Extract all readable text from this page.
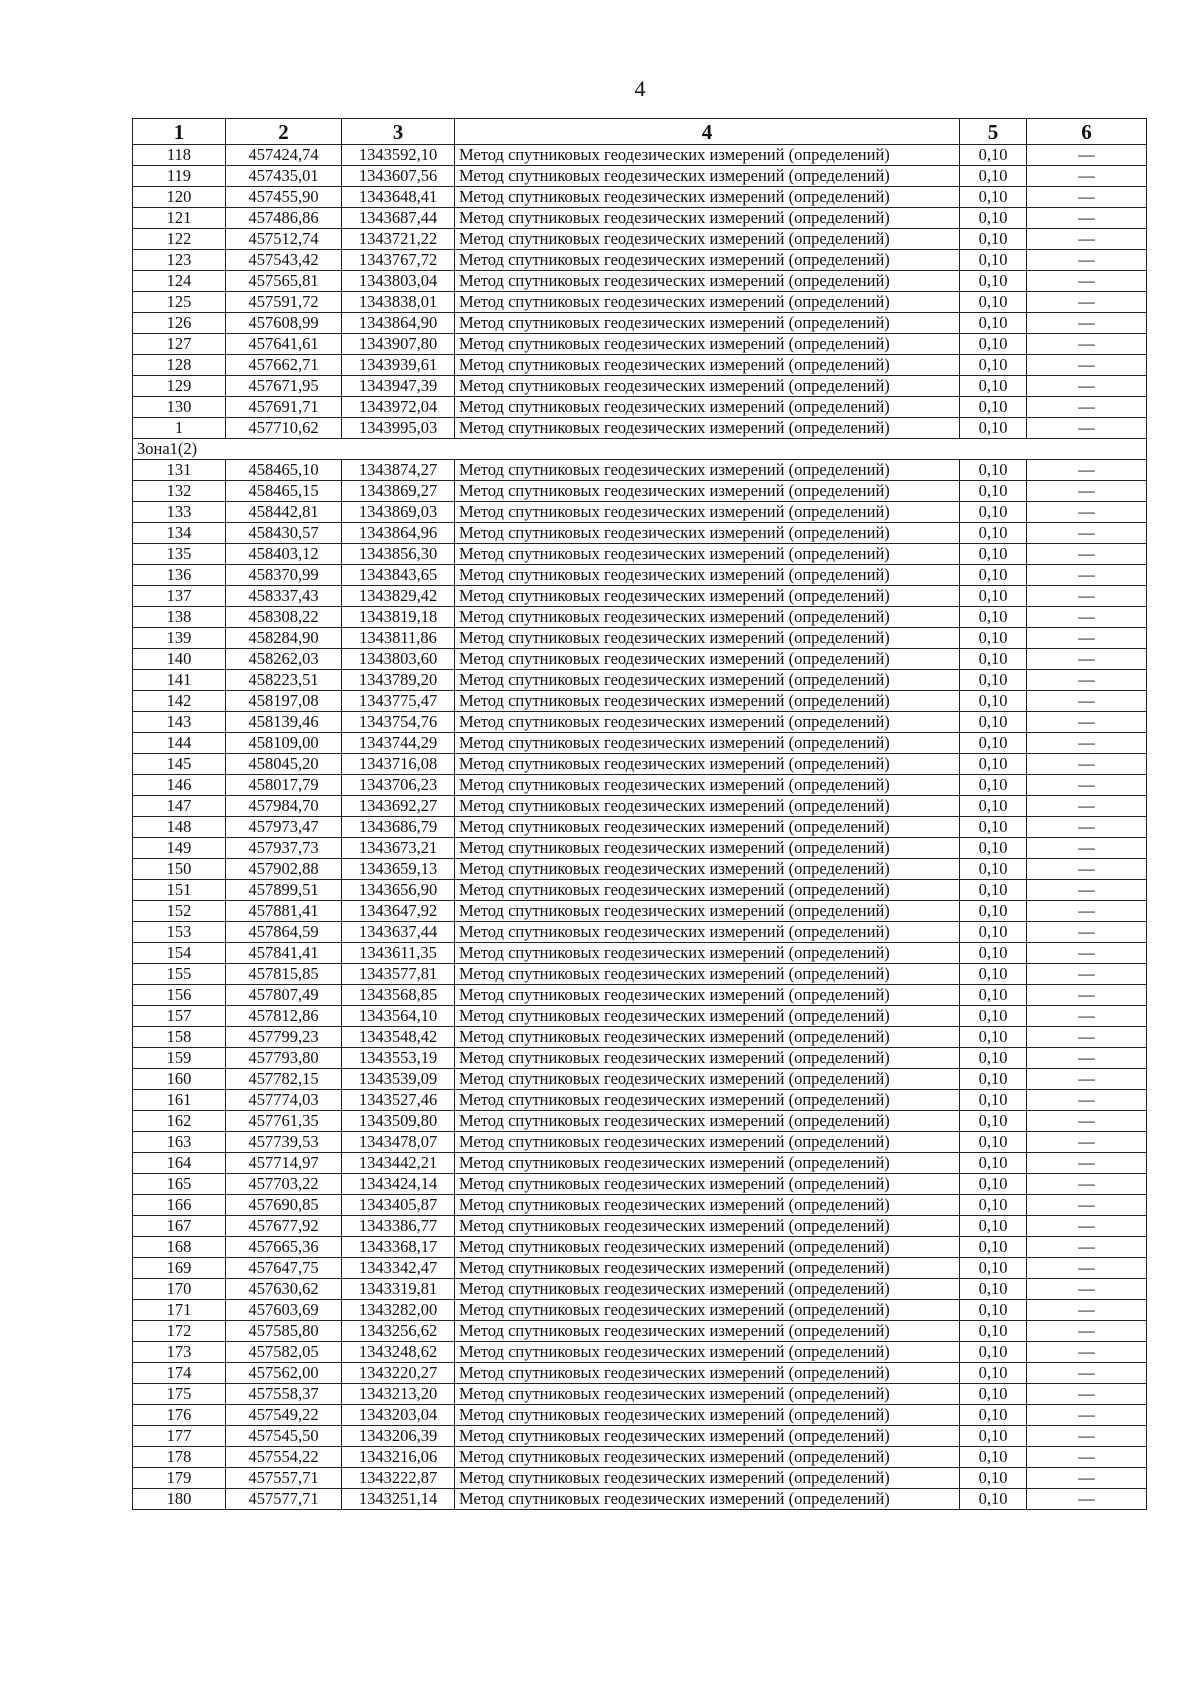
4
1	2	3	4	5	6
118	457424,74	1343592,10	Метод спутниковых геодезических измерений (определений)	0,10	—
119	457435,01	1343607,56	Метод спутниковых геодезических измерений (определений)	0,10	—
120	457455,90	1343648,41	Метод спутниковых геодезических измерений (определений)	0,10	—
121	457486,86	1343687,44	Метод спутниковых геодезических измерений (определений)	0,10	—
122	457512,74	1343721,22	Метод спутниковых геодезических измерений (определений)	0,10	—
123	457543,42	1343767,72	Метод спутниковых геодезических измерений (определений)	0,10	—
124	457565,81	1343803,04	Метод спутниковых геодезических измерений (определений)	0,10	—
125	457591,72	1343838,01	Метод спутниковых геодезических измерений (определений)	0,10	—
126	457608,99	1343864,90	Метод спутниковых геодезических измерений (определений)	0,10	—
127	457641,61	1343907,80	Метод спутниковых геодезических измерений (определений)	0,10	—
128	457662,71	1343939,61	Метод спутниковых геодезических измерений (определений)	0,10	—
129	457671,95	1343947,39	Метод спутниковых геодезических измерений (определений)	0,10	—
130	457691,71	1343972,04	Метод спутниковых геодезических измерений (определений)	0,10	—
1	457710,62	1343995,03	Метод спутниковых геодезических измерений (определений)	0,10	—
Зона1(2)					
131	458465,10	1343874,27	Метод спутниковых геодезических измерений (определений)	0,10	—
132	458465,15	1343869,27	Метод спутниковых геодезических измерений (определений)	0,10	—
133	458442,81	1343869,03	Метод спутниковых геодезических измерений (определений)	0,10	—
134	458430,57	1343864,96	Метод спутниковых геодезических измерений (определений)	0,10	—
135	458403,12	1343856,30	Метод спутниковых геодезических измерений (определений)	0,10	—
136	458370,99	1343843,65	Метод спутниковых геодезических измерений (определений)	0,10	—
137	458337,43	1343829,42	Метод спутниковых геодезических измерений (определений)	0,10	—
138	458308,22	1343819,18	Метод спутниковых геодезических измерений (определений)	0,10	—
139	458284,90	1343811,86	Метод спутниковых геодезических измерений (определений)	0,10	—
140	458262,03	1343803,60	Метод спутниковых геодезических измерений (определений)	0,10	—
141	458223,51	1343789,20	Метод спутниковых геодезических измерений (определений)	0,10	—
142	458197,08	1343775,47	Метод спутниковых геодезических измерений (определений)	0,10	—
143	458139,46	1343754,76	Метод спутниковых геодезических измерений (определений)	0,10	—
144	458109,00	1343744,29	Метод спутниковых геодезических измерений (определений)	0,10	—
145	458045,20	1343716,08	Метод спутниковых геодезических измерений (определений)	0,10	—
146	458017,79	1343706,23	Метод спутниковых геодезических измерений (определений)	0,10	—
147	457984,70	1343692,27	Метод спутниковых геодезических измерений (определений)	0,10	—
148	457973,47	1343686,79	Метод спутниковых геодезических измерений (определений)	0,10	—
149	457937,73	1343673,21	Метод спутниковых геодезических измерений (определений)	0,10	—
150	457902,88	1343659,13	Метод спутниковых геодезических измерений (определений)	0,10	—
151	457899,51	1343656,90	Метод спутниковых геодезических измерений (определений)	0,10	—
152	457881,41	1343647,92	Метод спутниковых геодезических измерений (определений)	0,10	—
153	457864,59	1343637,44	Метод спутниковых геодезических измерений (определений)	0,10	—
154	457841,41	1343611,35	Метод спутниковых геодезических измерений (определений)	0,10	—
155	457815,85	1343577,81	Метод спутниковых геодезических измерений (определений)	0,10	—
156	457807,49	1343568,85	Метод спутниковых геодезических измерений (определений)	0,10	—
157	457812,86	1343564,10	Метод спутниковых геодезических измерений (определений)	0,10	—
158	457799,23	1343548,42	Метод спутниковых геодезических измерений (определений)	0,10	—
159	457793,80	1343553,19	Метод спутниковых геодезических измерений (определений)	0,10	—
160	457782,15	1343539,09	Метод спутниковых геодезических измерений (определений)	0,10	—
161	457774,03	1343527,46	Метод спутниковых геодезических измерений (определений)	0,10	—
162	457761,35	1343509,80	Метод спутниковых геодезических измерений (определений)	0,10	—
163	457739,53	1343478,07	Метод спутниковых геодезических измерений (определений)	0,10	—
164	457714,97	1343442,21	Метод спутниковых геодезических измерений (определений)	0,10	—
165	457703,22	1343424,14	Метод спутниковых геодезических измерений (определений)	0,10	—
166	457690,85	1343405,87	Метод спутниковых геодезических измерений (определений)	0,10	—
167	457677,92	1343386,77	Метод спутниковых геодезических измерений (определений)	0,10	—
168	457665,36	1343368,17	Метод спутниковых геодезических измерений (определений)	0,10	—
169	457647,75	1343342,47	Метод спутниковых геодезических измерений (определений)	0,10	—
170	457630,62	1343319,81	Метод спутниковых геодезических измерений (определений)	0,10	—
171	457603,69	1343282,00	Метод спутниковых геодезических измерений (определений)	0,10	—
172	457585,80	1343256,62	Метод спутниковых геодезических измерений (определений)	0,10	—
173	457582,05	1343248,62	Метод спутниковых геодезических измерений (определений)	0,10	—
174	457562,00	1343220,27	Метод спутниковых геодезических измерений (определений)	0,10	—
175	457558,37	1343213,20	Метод спутниковых геодезических измерений (определений)	0,10	—
176	457549,22	1343203,04	Метод спутниковых геодезических измерений (определений)	0,10	—
177	457545,50	1343206,39	Метод спутниковых геодезических измерений (определений)	0,10	—
178	457554,22	1343216,06	Метод спутниковых геодезических измерений (определений)	0,10	—
179	457557,71	1343222,87	Метод спутниковых геодезических измерений (определений)	0,10	—
180	457577,71	1343251,14	Метод спутниковых геодезических измерений (определений)	0,10	—
